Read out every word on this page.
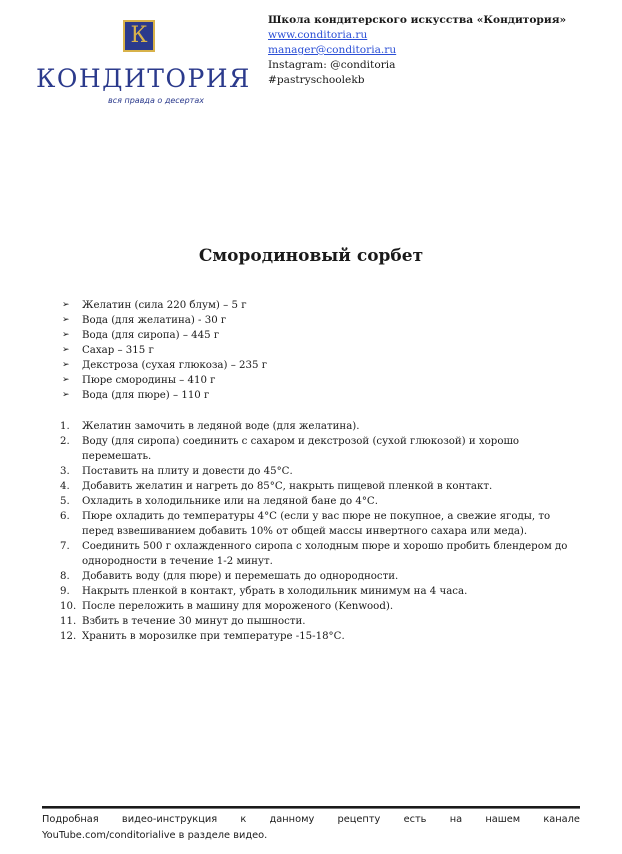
К
КОНДИТОРИЯ
вся правда о десертах
Школа кондитерского искусства «Кондитория»
www.conditoria.ru
manager@conditoria.ru
Instagram: @conditoria
#pastryschoolekb
Смородиновый сорбет
➢	Желатин (сила 220 блум) – 5 г
➢	Вода (для желатина) - 30 г
➢	Вода (для сиропа) – 445 г
➢	Сахар – 315 г
➢	Декстроза (сухая глюкоза) – 235 г
➢	Пюре смородины – 410 г
➢	Вода (для пюре) – 110 г
1.	Желатин замочить в ледяной воде (для желатина).
2.	Воду (для сиропа) соединить с сахаром и декстрозой (сухой глюкозой) и хорошо перемешать.
3.	Поставить на плиту и довести до 45°С.
4.	Добавить желатин и нагреть до 85°С, накрыть пищевой пленкой в контакт.
5.	Охладить в холодильнике или на ледяной бане до 4°С.
6.	Пюре охладить до температуры 4°С (если у вас пюре не покупное, а свежие ягоды, то перед взвешиванием добавить 10% от общей массы инвертного сахара или меда).
7.	Соединить 500 г охлажденного сиропа с холодным пюре и хорошо пробить блендером до однородности в течение 1-2 минут.
8.	Добавить воду (для пюре) и перемешать до однородности.
9.	Накрыть пленкой в контакт, убрать в холодильник минимум на 4 часа.
10. После переложить в машину для мороженого (Kenwood).
11. Взбить в течение 30 минут до пышности.
12. Хранить в морозилке при температуре -15-18°С.
Подробная видео-инструкция к данному рецепту есть на нашем канале
YouTube.com/conditorialive в разделе видео.
